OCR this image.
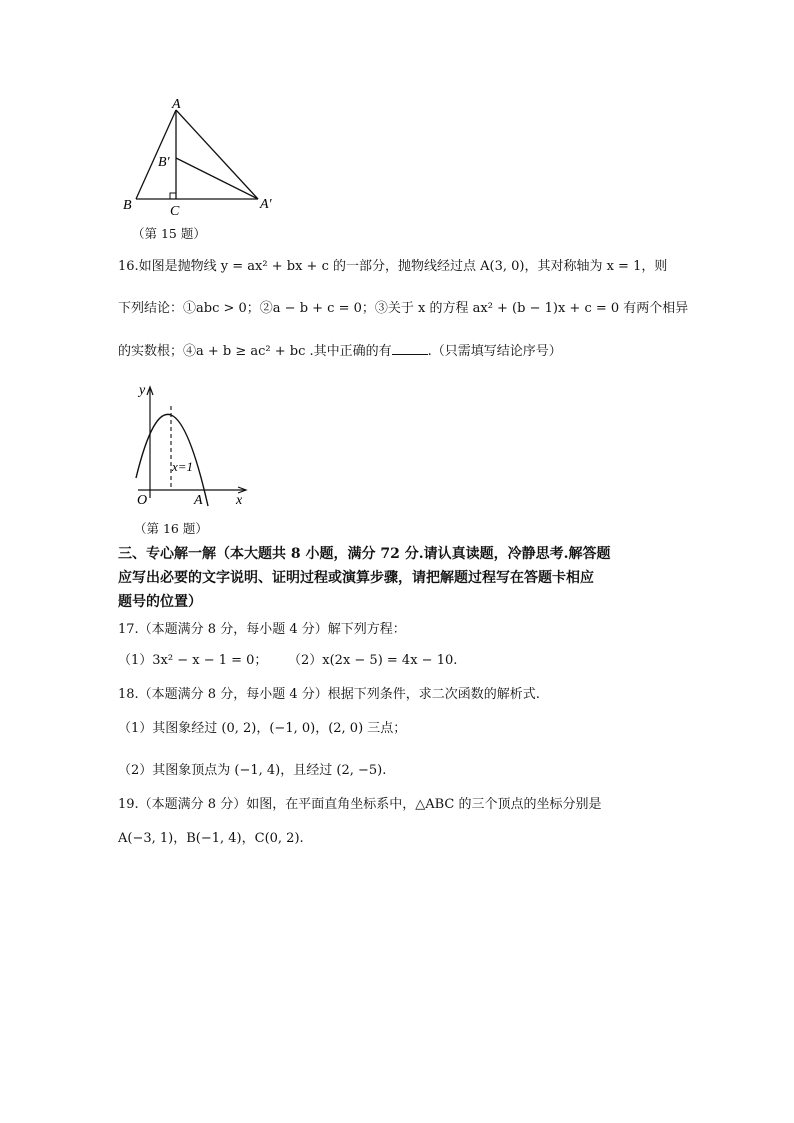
A
B′
B	C	A′
（第 15 题）
16.如图是抛物线 y = ax² + bx + c 的一部分，抛物线经过点 A(3, 0)，其对称轴为 x = 1，则
下列结论：①abc > 0；②a − b + c = 0；③关于 x 的方程 ax² + (b − 1)x + c = 0 有两个相异
的实数根；④a + b ≥ ac² + bc .其中正确的有	.（只需填写结论序号）
y
x=1
O	A x
（第 16 题）
三、专心解一解（本大题共 8 小题，满分 72 分.请认真读题，冷静思考.解答题
应写出必要的文字说明、证明过程或演算步骤，请把解题过程写在答题卡相应
题号的位置）
17.（本题满分 8 分，每小题 4 分）解下列方程：
（1）3x² − x − 1 = 0； （2）x(2x − 5) = 4x − 10.
18.（本题满分 8 分，每小题 4 分）根据下列条件，求二次函数的解析式.
（1）其图象经过 (0, 2)，(−1, 0)，(2, 0) 三点；
（2）其图象顶点为 (−1, 4)，且经过 (2, −5).
19.（本题满分 8 分）如图，在平面直角坐标系中，△ABC 的三个顶点的坐标分别是
A(−3, 1)，B(−1, 4)，C(0, 2).
